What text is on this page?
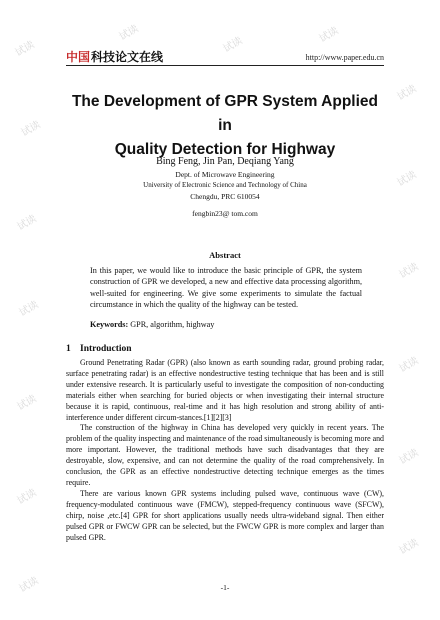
试读
试读
试读
试读
试读
试读
试读
试读
试读
试读
试读
试读
试读
试读
试读
试读
中国 科技论文在线	http://www.paper.edu.cn
The Development of GPR System Applied in
Quality Detection for Highway
Bing Feng, Jin Pan, Deqiang Yang
Dept. of Microwave Engineering
University of Electronic Science and Technology of China
Chengdu, PRC 610054
fengbin23@ tom.com
Abstract
In this paper, we would like to introduce the basic principle of GPR, the system construction of GPR we developed, a new and effective data processing algorithm, well-suited for engineering. We give some experiments to simulate the factual circumstance in which the quality of the highway can be tested.
Keywords: GPR, algorithm, highway
1 Introduction

Ground Penetrating Radar (GPR) (also known as earth sounding radar, ground probing radar, surface penetrating radar) is an effective nondestructive testing technique that has been and is still under extensive research. It is particularly useful to investigate the composition of non-conducting materials either when searching for buried objects or when investigating their internal structure because it is rapid, continuous, real-time and it has high resolution and strong ability of anti-interference under different circum-stances.[1][2][3]

The construction of the highway in China has developed very quickly in recent years. The problem of the quality inspecting and maintenance of the road simultaneously is becoming more and more important. However, the traditional methods have such disadvantages that they are destroyable, slow, expensive, and can not determine the quality of the road comprehensively. In conclusion, the GPR as an effective nondestructive detecting technique emerges as the times require.

There are various known GPR systems including pulsed wave, continuous wave (CW), frequency-modulated continuous wave (FMCW), stepped-frequency continuous wave (SFCW), chirp, noise ,etc.[4] GPR for short applications usually needs ultra-wideband signal. Then either pulsed GPR or FWCW GPR can be selected, but the FWCW GPR is more complex and larger than pulsed GPR.

-1-
